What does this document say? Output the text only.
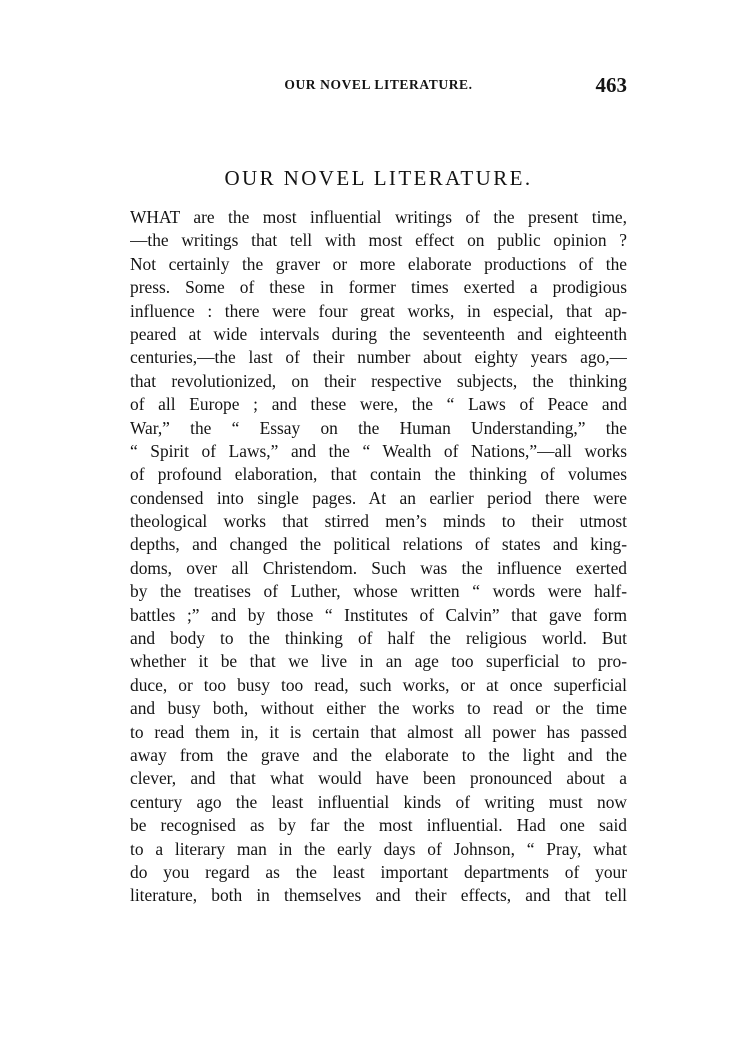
OUR NOVEL LITERATURE.	463
OUR NOVEL LITERATURE.
WHAT are the most influential writings of the present time,
—the writings that tell with most effect on public opinion ?
Not certainly the graver or more elaborate productions of the
press. Some of these in former times exerted a prodigious
influence : there were four great works, in especial, that ap-
peared at wide intervals during the seventeenth and eighteenth
centuries,—the last of their number about eighty years ago,—
that revolutionized, on their respective subjects, the thinking
of all Europe ; and these were, the “ Laws of Peace and
War,” the “ Essay on the Human Understanding,” the
“ Spirit of Laws,” and the “ Wealth of Nations,”—all works
of profound elaboration, that contain the thinking of volumes
condensed into single pages. At an earlier period there were
theological works that stirred men’s minds to their utmost
depths, and changed the political relations of states and king-
doms, over all Christendom. Such was the influence exerted
by the treatises of Luther, whose written “ words were half-
battles ;” and by those “ Institutes of Calvin” that gave form
and body to the thinking of half the religious world. But
whether it be that we live in an age too superficial to pro-
duce, or too busy too read, such works, or at once superficial
and busy both, without either the works to read or the time
to read them in, it is certain that almost all power has passed
away from the grave and the elaborate to the light and the
clever, and that what would have been pronounced about a
century ago the least influential kinds of writing must now
be recognised as by far the most influential. Had one said
to a literary man in the early days of Johnson, “ Pray, what
do you regard as the least important departments of your
literature, both in themselves and their effects, and that tell
